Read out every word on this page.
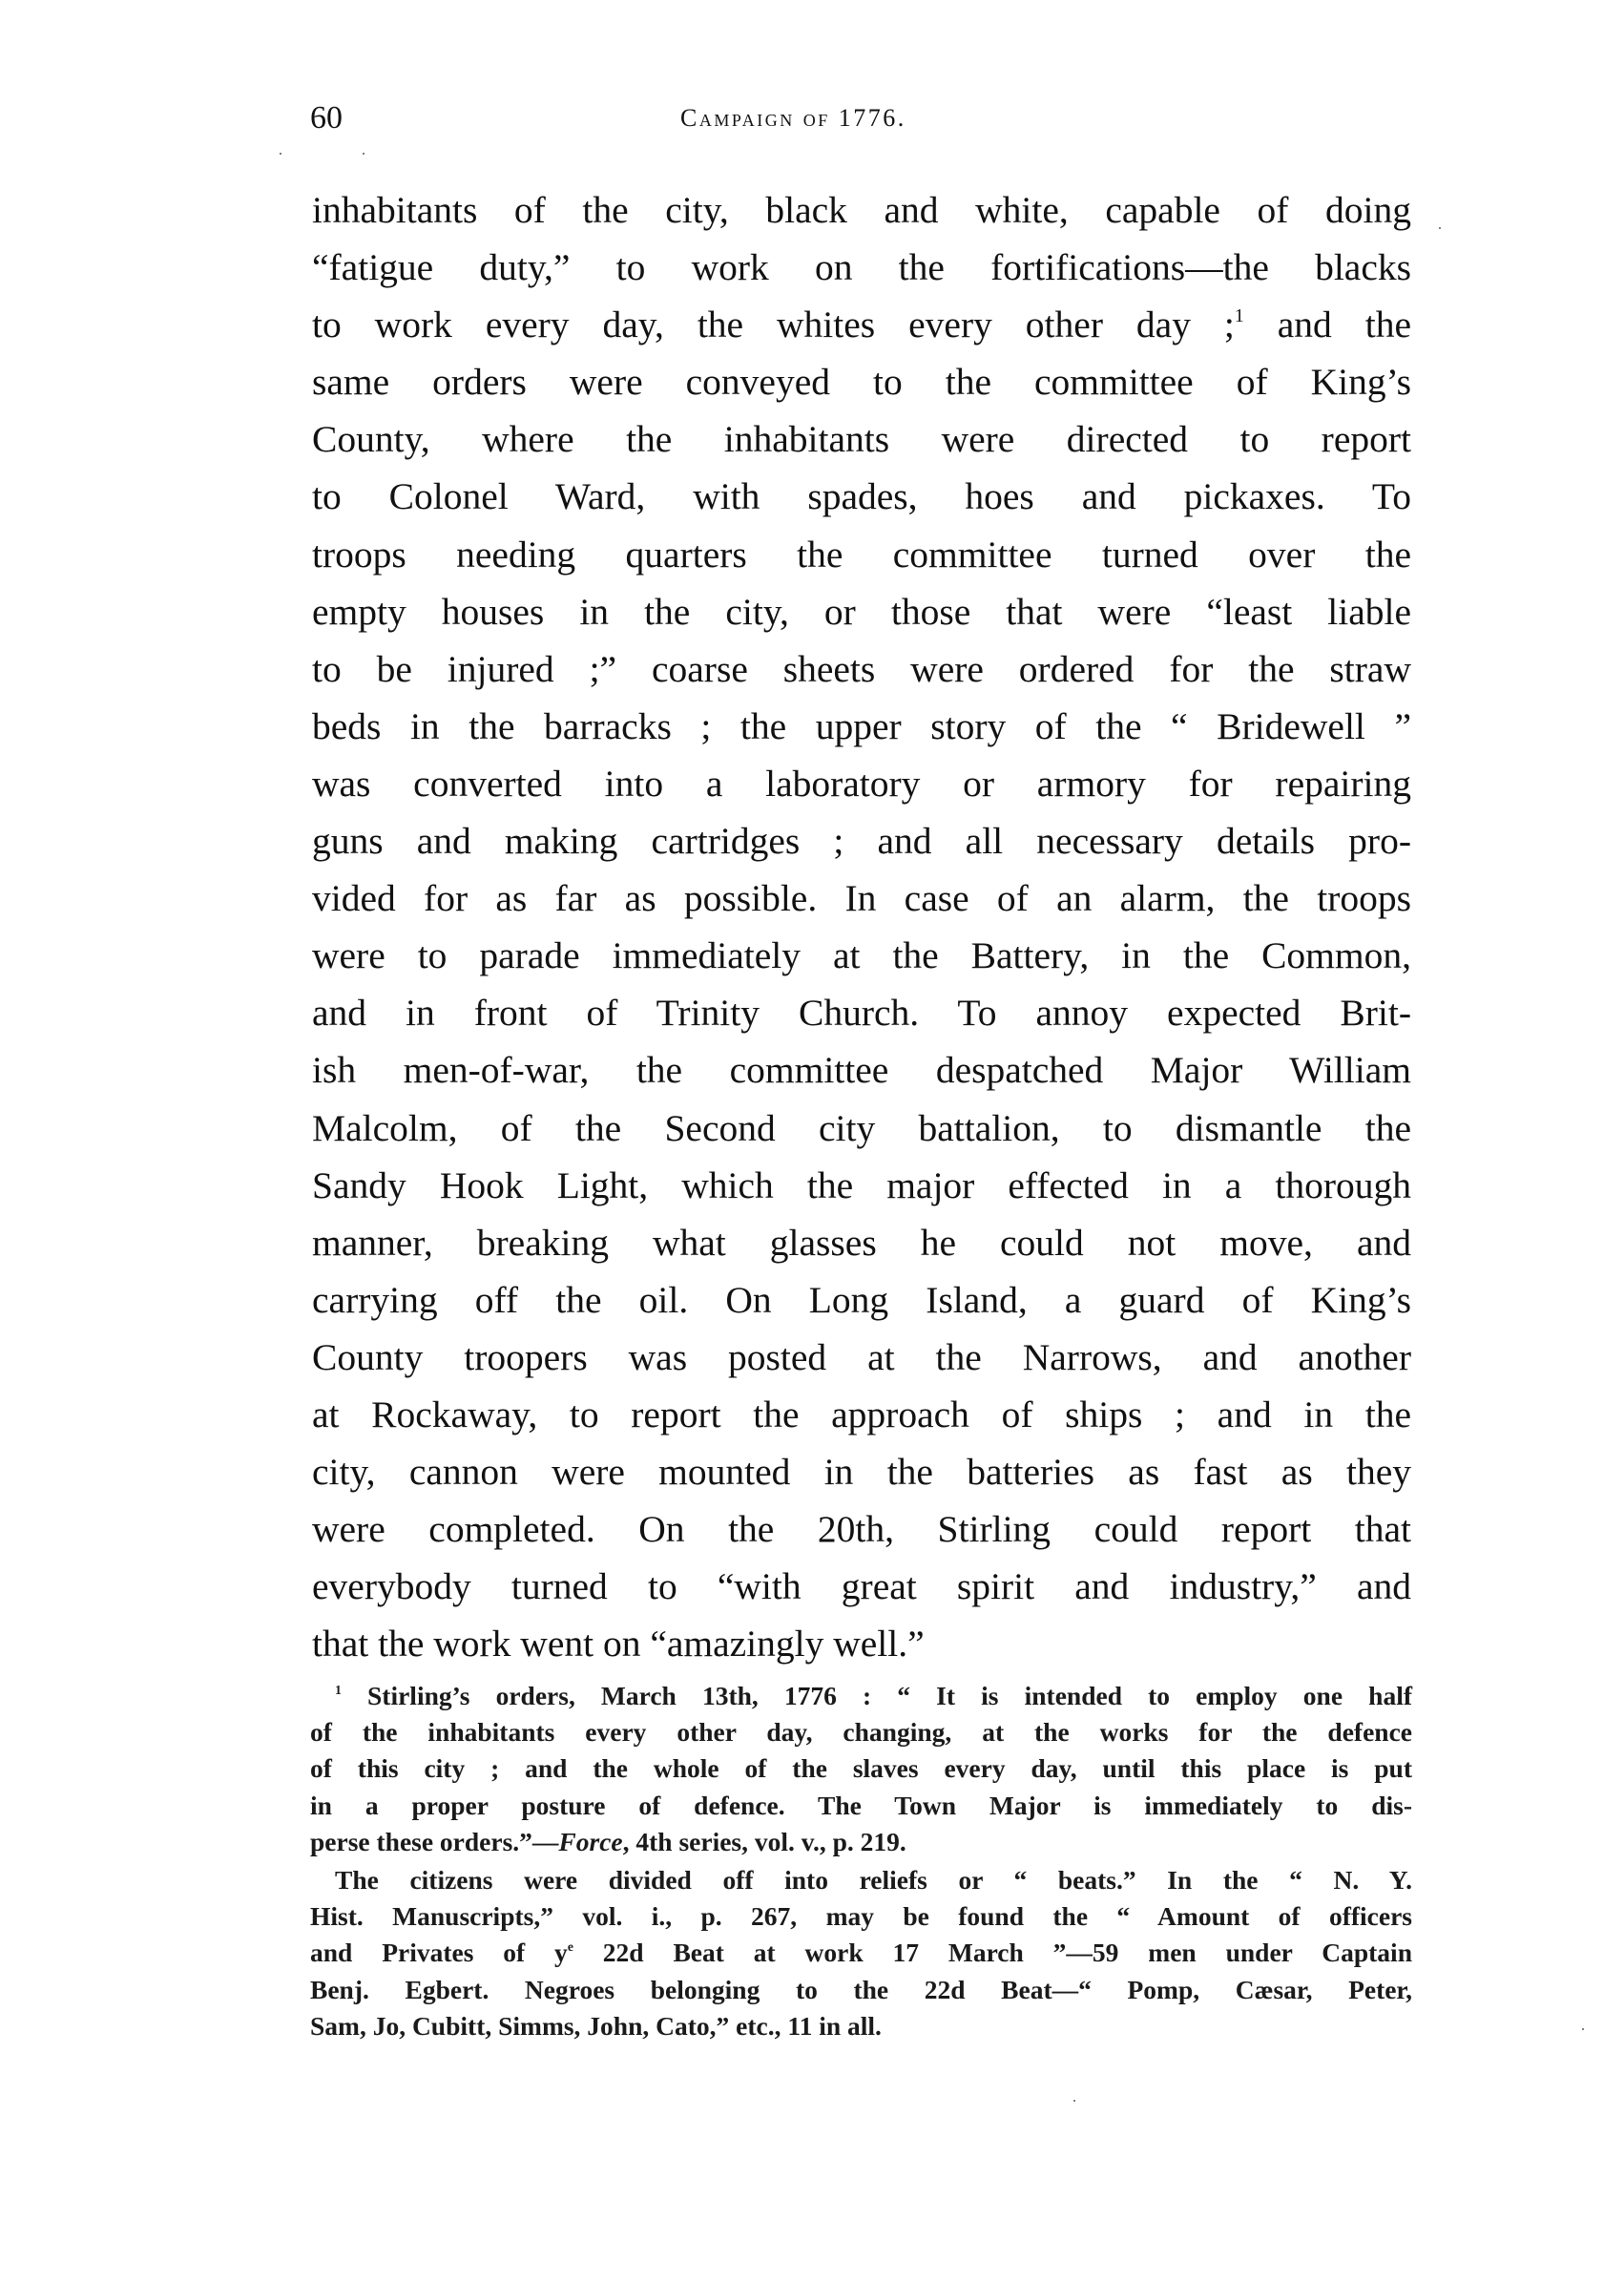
60	Campaign of 1776.
inhabitants of the city, black and white, capable of doing
“fatigue duty,” to work on the fortifications—the blacks
to work every day, the whites every other day ;$^1$ and the
same orders were conveyed to the committee of King’s
County, where the inhabitants were directed to report
to Colonel Ward, with spades, hoes and pickaxes. To
troops needing quarters the committee turned over the
empty houses in the city, or those that were “least liable
to be injured ;” coarse sheets were ordered for the straw
beds in the barracks ; the upper story of the “ Bridewell ”
was converted into a laboratory or armory for repairing
guns and making cartridges ; and all necessary details pro-
vided for as far as possible. In case of an alarm, the troops
were to parade immediately at the Battery, in the Common,
and in front of Trinity Church. To annoy expected Brit-
ish men-of-war, the committee despatched Major William
Malcolm, of the Second city battalion, to dismantle the
Sandy Hook Light, which the major effected in a thorough
manner, breaking what glasses he could not move, and
carrying off the oil. On Long Island, a guard of King’s
County troopers was posted at the Narrows, and another
at Rockaway, to report the approach of ships ; and in the
city, cannon were mounted in the batteries as fast as they
were completed. On the 20th, Stirling could report that
everybody turned to “with great spirit and industry,” and
that the work went on “amazingly well.”
$^1$ Stirling’s orders, March 13th, 1776 : “ It is intended to employ one half
of the inhabitants every other day, changing, at the works for the defence
of this city ; and the whole of the slaves every day, until this place is put
in a proper posture of defence. The Town Major is immediately to dis-
perse these orders.”—Force, 4th series, vol. v., p. 219.
The citizens were divided off into reliefs or “ beats.” In the “ N. Y.
Hist. Manuscripts,” vol. i., p. 267, may be found the “ Amount of officers
and Privates of $y^e$ 22d Beat at work 17 March ”—59 men under Captain
Benj. Egbert. Negroes belonging to the 22d Beat—“ Pomp, Cæsar, Peter,
Sam, Jo, Cubitt, Simms, John, Cato,” etc., 11 in all.
